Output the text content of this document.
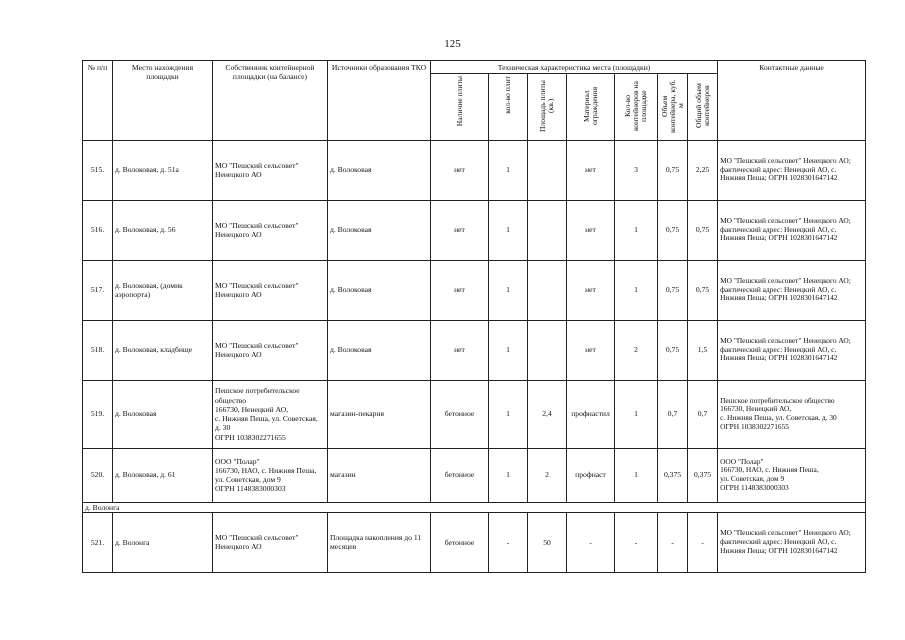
125
№ п/п	Место нахождения площадки	Собственник контейнерной площадки (на балансе)	Источники образования ТКО	Техническая характеристика места (площадки)							Контактные данные
				Наличие плиты	кол-во плит	Площадь плиты (кв.)	Материал ограждения	Кол-во контейнеров на площадке	Объем контейнера, куб. м	Общий объем контейнеров	
515.	д. Волоковая, д. 51а	МО "Пешский сельсовет" Ненецкого АО	д. Волоковая	нет	1		нет	3	0,75	2,25	МО "Пешский сельсовет" Ненецкого АО; фактический адрес: Ненецкий АО, с. Нижняя Пеша; ОГРН 1028301647142
516.	д. Волоковая, д. 56	МО "Пешский сельсовет" Ненецкого АО	д. Волоковая	нет	1		нет	1	0,75	0,75	МО "Пешский сельсовет" Ненецкого АО; фактический адрес: Ненецкий АО, с. Нижняя Пеша; ОГРН 1028301647142
517.	д. Волоковая, (домик аэропорта)	МО "Пешский сельсовет" Ненецкого АО	д. Волоковая	нет	1		нет	1	0,75	0,75	МО "Пешский сельсовет" Ненецкого АО; фактический адрес: Ненецкий АО, с. Нижняя Пеша; ОГРН 1028301647142
518.	д. Волоковая, кладбище	МО "Пешский сельсовет" Ненецкого АО	д. Волоковая	нет	1		нет	2	0,75	1,5	МО "Пешский сельсовет" Ненецкого АО; фактический адрес: Ненецкий АО, с. Нижняя Пеша; ОГРН 1028301647142
519.	д. Волоковая	Пешское потребительское общество
166730, Ненецкий АО,
с. Нижняя Пеша, ул. Советская, д. 30
ОГРН 1038302271655	магазин-пекарня	бетонное	1	2,4	профнастил	1	0,7	0,7	Пешское потребительское общество
166730, Ненецкий АО,
с. Нижняя Пеша, ул. Советская, д. 30
ОГРН 1038302271655
520.	д. Волоковая, д. 61	ООО "Полар"
166730, НАО, с. Нижняя Пеша,
ул. Советская, дом 9
ОГРН 1148383000303	магазин	бетонное	1	2	профнаст	1	0,375	0,375	ООО "Полар"
166730, НАО, с. Нижняя Пеша,
ул. Советская, дом 9
ОГРН 1148383000303
д. Волонга											
521.	д. Волонга	МО "Пешский сельсовет" Ненецкого АО	Площадка накопления до 11 месяцев	бетонное	-	50	-	-	-	-	МО "Пешский сельсовет" Ненецкого АО; фактический адрес: Ненецкий АО, с. Нижняя Пеша; ОГРН 1028301647142
